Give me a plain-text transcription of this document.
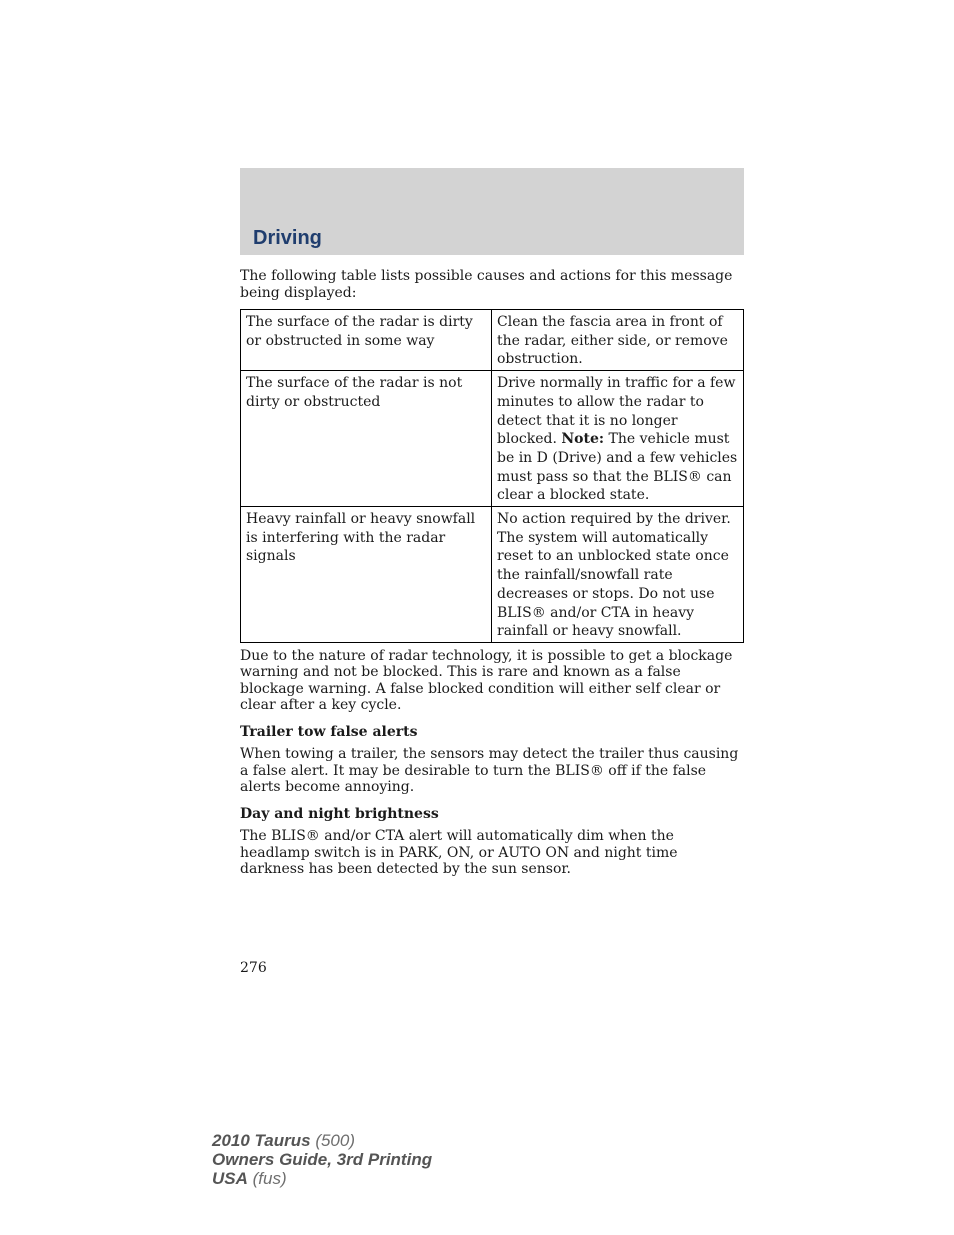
Driving

The following table lists possible causes and actions for this message being displayed:

The surface of the radar is dirty or obstructed in some way	Clean the fascia area in front of the radar, either side, or remove obstruction.
The surface of the radar is not dirty or obstructed	Drive normally in traffic for a few minutes to allow the radar to detect that it is no longer blocked. Note: The vehicle must be in D (Drive) and a few vehicles must pass so that the BLIS® can clear a blocked state.
Heavy rainfall or heavy snowfall is interfering with the radar signals	No action required by the driver. The system will automatically reset to an unblocked state once the rainfall/snowfall rate decreases or stops. Do not use BLIS® and/or CTA in heavy rainfall or heavy snowfall.

Due to the nature of radar technology, it is possible to get a blockage warning and not be blocked. This is rare and known as a false blockage warning. A false blocked condition will either self clear or clear after a key cycle.

Trailer tow false alerts

When towing a trailer, the sensors may detect the trailer thus causing a false alert. It may be desirable to turn the BLIS® off if the false alerts become annoying.

Day and night brightness

The BLIS® and/or CTA alert will automatically dim when the headlamp switch is in PARK, ON, or AUTO ON and night time darkness has been detected by the sun sensor.

276
2010 Taurus (500)
Owners Guide, 3rd Printing
USA (fus)
